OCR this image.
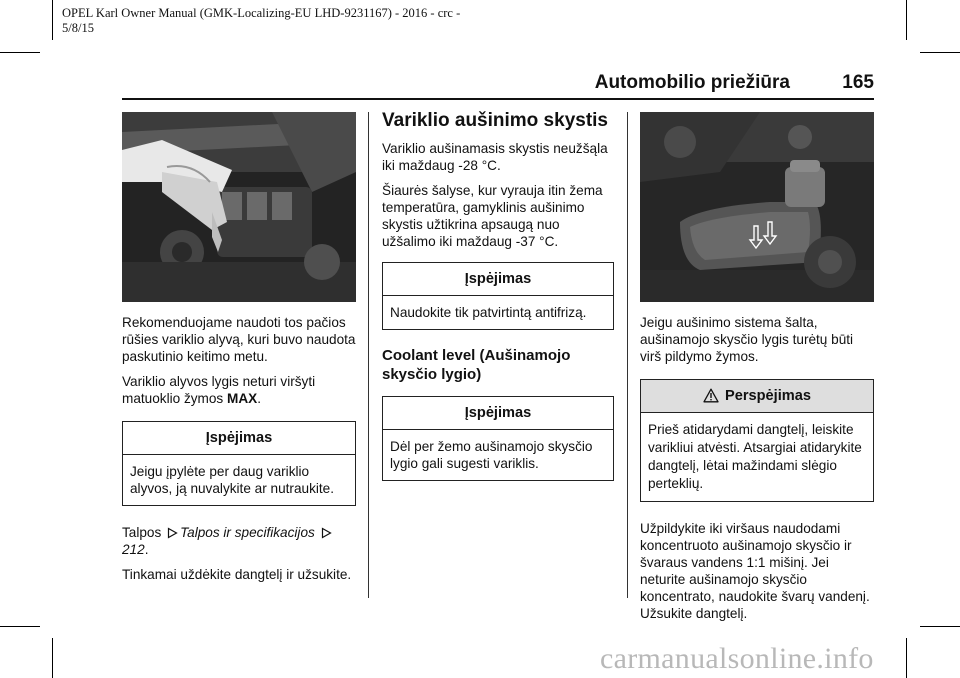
OPEL Karl Owner Manual (GMK-Localizing-EU LHD-9231167) - 2016 - crc -
5/8/15
Automobilio priežiūra	165

Rekomenduojame naudoti tos pačios rūšies variklio alyvą, kuri buvo naudota paskutinio keitimo metu.

Variklio alyvos lygis neturi viršyti matuoklio žymos MAX.

Įspėjimas
Jeigu įpylėte per daug variklio alyvos, ją nuvalykite ar nutraukite.

Talpos Talpos ir specifikacijos 212.

Tinkamai uždėkite dangtelį ir užsukite.

Variklio aušinimo skystis

Variklio aušinamasis skystis neužšąla iki maždaug -28 °C.

Šiaurės šalyse, kur vyrauja itin žema temperatūra, gamyklinis aušinimo skystis užtikrina apsaugą nuo užšalimo iki maždaug -37 °C.

Įspėjimas
Naudokite tik patvirtintą antifrizą.
Coolant level (Aušinamojo skysčio lygio)
Įspėjimas
Dėl per žemo aušinamojo skysčio lygio gali sugesti variklis.

Jeigu aušinimo sistema šalta, aušinamojo skysčio lygis turėtų būti virš pildymo žymos.

Perspėjimas
Prieš atidarydami dangtelį, leiskite varikliui atvėsti. Atsargiai atidarykite dangtelį, lėtai mažindami slėgio perteklių.

Užpildykite iki viršaus naudodami koncentruoto aušinamojo skysčio ir švaraus vandens 1:1 mišinį. Jei neturite aušinamojo skysčio koncentrato, naudokite švarų vandenį. Užsukite dangtelį.

carmanualsonline.info
